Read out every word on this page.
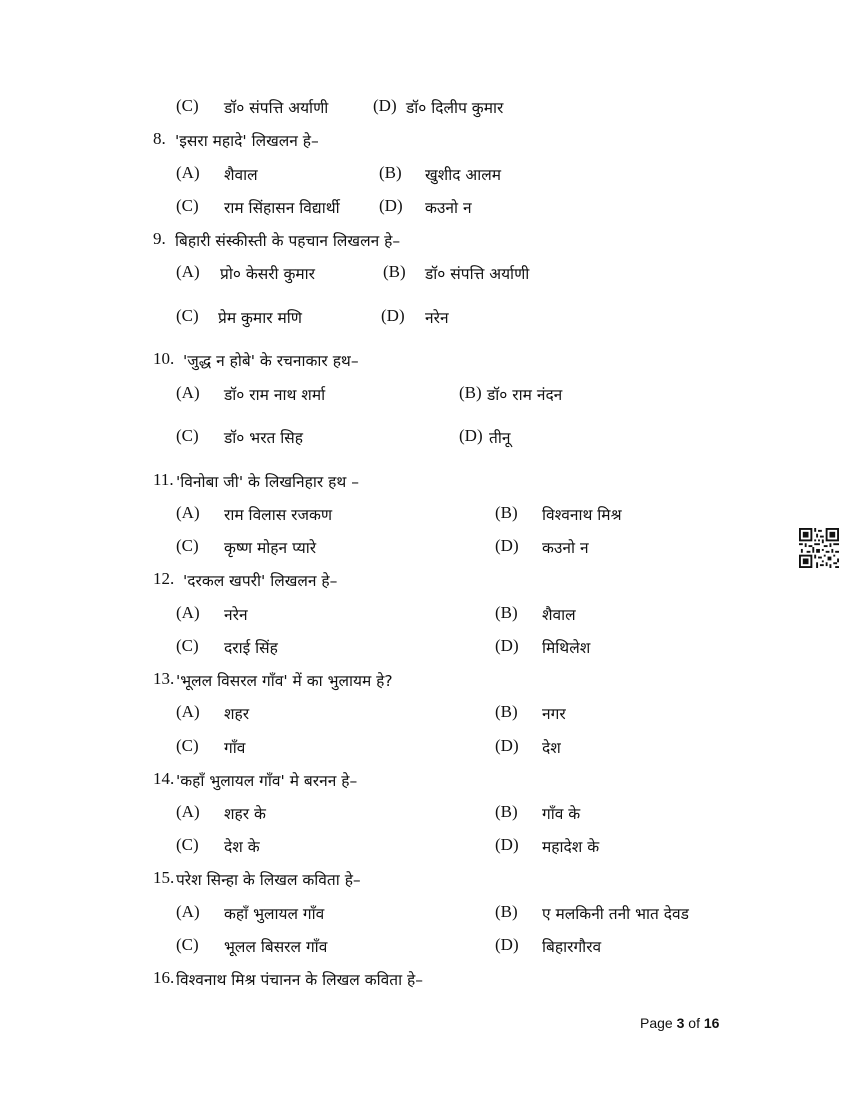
(C) डॉ० संपत्ति अर्याणी	(D) डॉ० दिलीप कुमार
8. 'इसरा महादे' लिखलन हे–
(A) शैवाल	(B) खुशीद आलम
(C) राम सिंहासन विद्यार्थी (D) कउनो न
9. बिहारी संस्कीस्ती के पहचान लिखलन हे–
(A) प्रो० केसरी कुमार	(B) डॉ० संपत्ति अर्याणी
(C) प्रेम कुमार मणि	(D) नरेन
10. 'जुद्ध न होबे' के रचनाकार हथ–
(A) डॉ० राम नाथ शर्मा	(B) डॉ० राम नंदन
(C) डॉ० भरत सिह	(D) तीनू
11. 'विनोबा जी' के लिखनिहार हथ –
(A) राम विलास रजकण	(B) विश्वनाथ मिश्र
(C) कृष्ण मोहन प्यारे	(D) कउनो न
12. 'दरकल खपरी' लिखलन हे–
(A) नरेन	(B) शैवाल
(C) दराई सिंह	(D) मिथिलेश
13. 'भूलल विसरल गाँव' में का भुलायम हे?
(A) शहर	(B) नगर
(C) गाँव	(D) देश
14. 'कहाँ भुलायल गाँव' मे बरनन हे–
(A) शहर के	(B) गाँव के
(C) देश के	(D) महादेश के
15. परेश सिन्हा के लिखल कविता हे–
(A) कहाँ भुलायल गाँव	(B) ए मलकिनी तनी भात देवड
(C) भूलल बिसरल गाँव	(D) बिहारगौरव
16. विश्वनाथ मिश्र पंचानन के लिखल कविता हे–
Page 3 of 16
